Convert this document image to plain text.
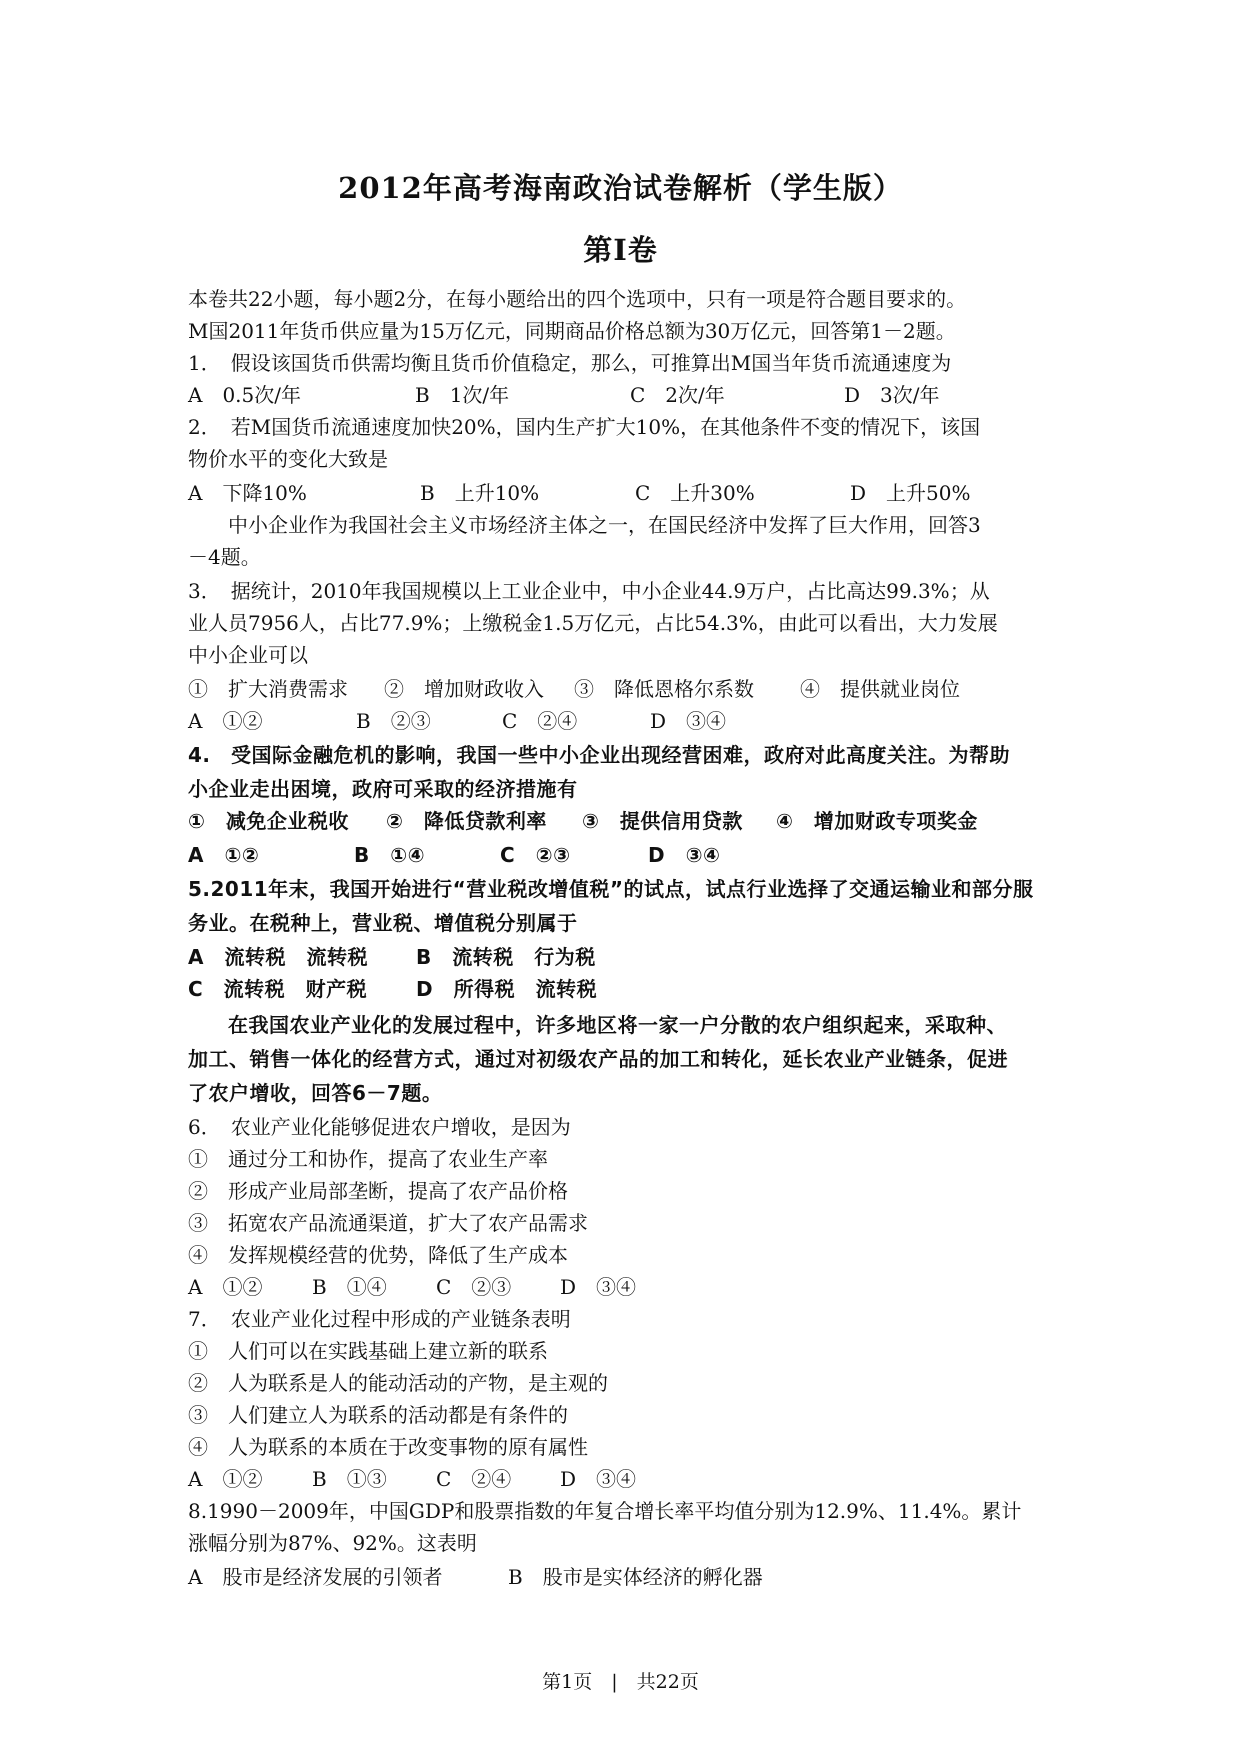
2012年高考海南政治试卷解析（学生版）
第I卷
本卷共22小题，每小题2分，在每小题给出的四个选项中，只有一项是符合题目要求的。
M国2011年货币供应量为15万亿元，同期商品价格总额为30万亿元，回答第1－2题。
1．　假设该国货币供需均衡且货币价值稳定，那么，可推算出M国当年货币流通速度为
A　0.5次/年	B　1次/年	C　2次/年	D　3次/年
2．　若M国货币流通速度加快20%，国内生产扩大10%，在其他条件不变的情况下，该国
物价水平的变化大致是
A　下降10%	B　上升10%	C　上升30%	D　上升50%
中小企业作为我国社会主义市场经济主体之一，在国民经济中发挥了巨大作用，回答3
－4题。
3．　据统计，2010年我国规模以上工业企业中，中小企业44.9万户，占比高达99.3%；从
业人员7956人，占比77.9%；上缴税金1.5万亿元，占比54.3%，由此可以看出，大力发展
中小企业可以
①　扩大消费需求 ②　增加财政收入 ③　降低恩格尔系数 ④　提供就业岗位
A　①②	B　②③	C　②④	D　③④
4.　受国际金融危机的影响，我国一些中小企业出现经营困难，政府对此高度关注。为帮助
小企业走出困境，政府可采取的经济措施有
①　减免企业税收 ②　降低贷款利率 ③　提供信用贷款 ④　增加财政专项奖金
A　①②	B　①④	C　②③	D　③④
5.2011年末，我国开始进行“营业税改增值税”的试点，试点行业选择了交通运输业和部分服
务业。在税种上，营业税、增值税分别属于
A　流转税　流转税 B　流转税　行为税
C　流转税　财产税 D　所得税　流转税
在我国农业产业化的发展过程中，许多地区将一家一户分散的农户组织起来，采取种、
加工、销售一体化的经营方式，通过对初级农产品的加工和转化，延长农业产业链条，促进
了农户增收，回答6－7题。
6．　农业产业化能够促进农户增收，是因为
①　通过分工和协作，提高了农业生产率
②　形成产业局部垄断，提高了农产品价格
③　拓宽农产品流通渠道，扩大了农产品需求
④　发挥规模经营的优势，降低了生产成本
A　①② B　①④ C　②③ D　③④
7．　农业产业化过程中形成的产业链条表明
①　人们可以在实践基础上建立新的联系
②　人为联系是人的能动活动的产物，是主观的
③　人们建立人为联系的活动都是有条件的
④　人为联系的本质在于改变事物的原有属性
A　①② B　①③ C　②④ D　③④
8.1990－2009年，中国GDP和股票指数的年复合增长率平均值分别为12.9%、11.4%。累计
涨幅分别为87%、92%。这表明
A　股市是经济发展的引领者	B　股市是实体经济的孵化器
第1页　|　共22页
